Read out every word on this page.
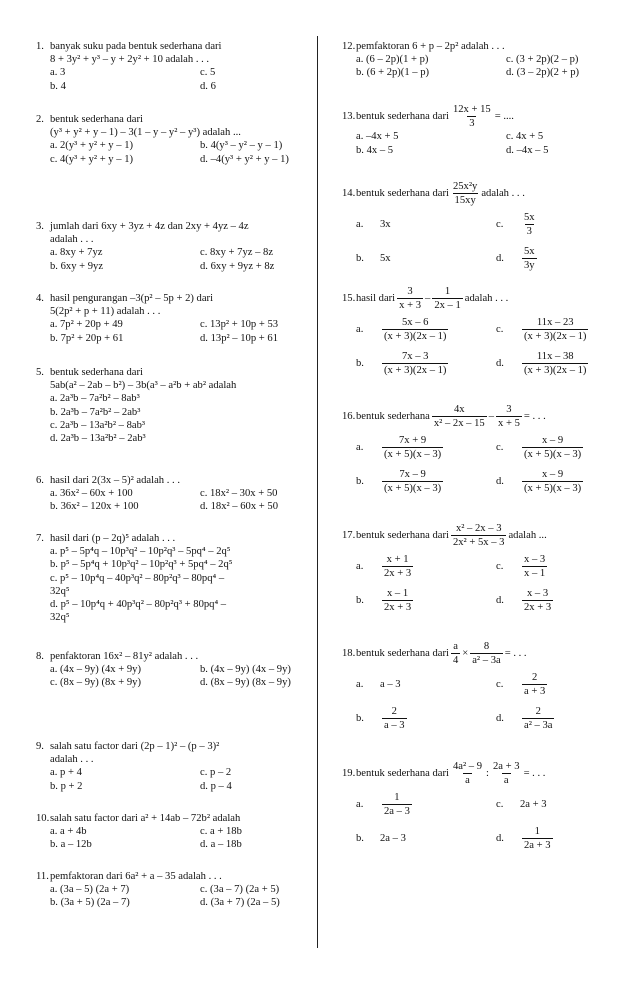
1. banyak suku pada bentuk sederhana dari
8 + 3y² + y³ – y + 2y² + 10 adalah . . .
a. 3	c. 5
b. 4	d. 6
2. bentuk sederhana dari
(y³ + y² + y – 1) – 3(1 – y – y² – y³) adalah ...
a. 2(y³ + y² + y – 1)	b. 4(y³ – y² – y – 1)
c. 4(y³ + y² + y – 1)	d. –4(y³ + y² + y – 1)
3. jumlah dari 6xy + 3yz + 4z dan 2xy + 4yz – 4z
adalah . . .
a. 8xy + 7yz	c. 8xy + 7yz – 8z
b. 6xy + 9yz	d. 6xy + 9yz + 8z
4. hasil pengurangan –3(p² – 5p + 2) dari
5(2p² + p + 11) adalah . . .
a. 7p² + 20p + 49	c. 13p² + 10p + 53
b. 7p² + 20p + 61	d. 13p² – 10p + 61
5. bentuk sederhana dari
5ab(a² – 2ab – b²) – 3b(a³ – a²b + ab² adalah
a. 2a³b – 7a²b² – 8ab³
b. 2a³b – 7a²b² – 2ab³
c. 2a³b – 13a²b² – 8ab³
d. 2a³b – 13a²b² – 2ab³
6. hasil dari 2(3x – 5)² adalah . . .
a. 36x² – 60x + 100	c. 18x² – 30x + 50
b. 36x² – 120x + 100	d. 18x² – 60x + 50
7. hasil dari (p – 2q)⁵ adalah . . .
a. p⁵ – 5p⁴q – 10p³q² – 10p²q³ – 5pq⁴ – 2q⁵
b. p⁵ – 5p⁴q + 10p³q² – 10p²q³ + 5pq⁴ – 2q⁵
c. p⁵ – 10p⁴q – 40p³q² – 80p²q³ – 80pq⁴ –
32q⁵
d. p⁵ – 10p⁴q + 40p³q² – 80p²q³ + 80pq⁴ –
32q⁵
8. penfaktoran 16x² – 81y² adalah . . .
a. (4x – 9y) (4x + 9y)	b. (4x – 9y) (4x – 9y)
c. (8x – 9y) (8x + 9y)	d. (8x – 9y) (8x – 9y)
9. salah satu factor dari (2p – 1)² – (p – 3)²
adalah . . .
a. p + 4	c. p – 2
b. p + 2	d. p – 4
10.salah satu factor dari a² + 14ab – 72b² adalah
a. a + 4b	c. a + 18b
b. a – 12b	d. a – 18b
11.pemfaktoran dari 6a² + a – 35 adalah . . .
a. (3a – 5) (2a + 7)	c. (3a – 7) (2a + 5)
b. (3a + 5) (2a – 7)	d. (3a + 7) (2a – 5)
12.pemfaktoran 6 + p – 2p² adalah . . .
a. (6 – 2p)(1 + p)	c. (3 + 2p)(2 – p)
b. (6 + 2p)(1 – p)	d. (3 – 2p)(2 + p)
13. bentuk sederhana dari $\frac{12x + 15}{3}$ = ....
a. –4x + 5	c. 4x + 5
b. 4x – 5	d. –4x – 5
14. bentuk sederhana dari $\frac{\text{25x²y}}{15xy}$ adalah . . .
a.	3x	c.	$\frac{5x}{3}$
b.	5x	d.	$\frac{5x}{3y}$
15. hasil dari $\frac{3}{x + 3} - \frac{1}{2x - 1}$ adalah . . .
a.	$\frac{5x - 6}{(x + 3)(2x - 1)}$	c.	$\frac{11x - 23}{(x + 3)(2x - 1)}$
b.	$\frac{7x - 3}{(x + 3)(2x - 1)}$	d.	$\frac{11x - 38}{(x + 3)(2x - 1)}$
16. bentuk sederhana $\frac{4x}{\text{x² – 2x – 15}} - \frac{3}{x + 5}$ = . . .
a.	$\frac{7x + 9}{(x + 5)(x - 3)}$	c.	$\frac{x - 9}{(x + 5)(x - 3)}$
b.	$\frac{7x - 9}{(x + 5)(x - 3)}$	d.	$\frac{x - 9}{(x + 5)(x - 3)}$
17. bentuk sederhana dari $\frac{\text{x² – 2x – 3}}{\text{2x² + 5x – 3}}$ adalah ...
a.	$\frac{x + 1}{2x + 3}$	c.	$\frac{x - 3}{x - 1}$
b.	$\frac{x - 1}{2x + 3}$	d.	$\frac{x - 3}{2x + 3}$
18. bentuk sederhana dari $\frac{a}{4} \times \frac{8}{\text{a² – 3a}}$ = . . .
a.	a – 3	c.	$\frac{2}{a + 3}$
b.	$\frac{2}{a - 3}$	d.	$\frac{2}{\text{a² – 3a}}$
19. bentuk sederhana dari $\frac{\text{4a² – 9}}{a}$ : $\frac{2a + 3}{a}$ = . . .
a.	$\frac{1}{2a - 3}$	c.	2a + 3
b.	2a – 3	d.	$\frac{1}{2a + 3}$
